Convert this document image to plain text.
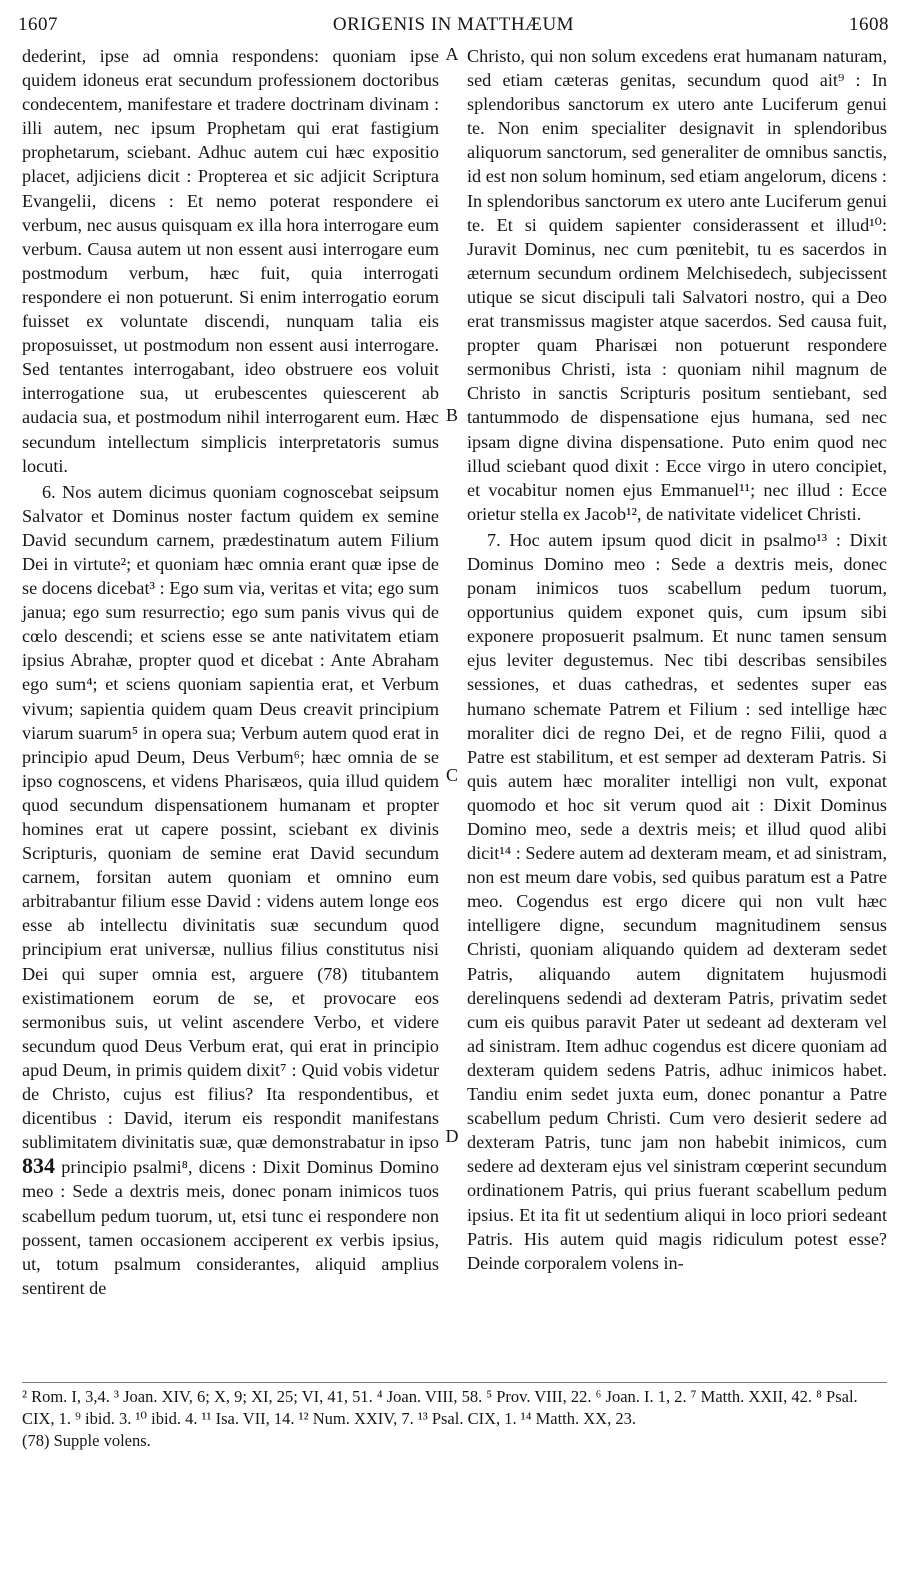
1607	ORIGENIS IN MATTHÆUM	1608

dederint, ipse ad omnia respondens: quoniam ipse quidem idoneus erat secundum professionem doctoribus condecentem, manifestare et tradere doctrinam divinam : illi autem, nec ipsum Prophetam qui erat fastigium prophetarum, sciebant. Adhuc autem cui hæc expositio placet, adjiciens dicit : Propterea et sic adjicit Scriptura Evangelii, dicens : Et nemo poterat respondere ei verbum, nec ausus quisquam ex illa hora interrogare eum verbum. Causa autem ut non essent ausi interrogare eum postmodum verbum, hæc fuit, quia interrogati respondere ei non potuerunt. Si enim interrogatio eorum fuisset ex voluntate discendi, nunquam talia eis proposuisset, ut postmodum non essent ausi interrogare. Sed tentantes interrogabant, ideo obstruere eos voluit interrogatione sua, ut erubescentes quiescerent ab audacia sua, et postmodum nihil interrogarent eum. Hæc secundum intellectum simplicis interpretatoris sumus locuti.

6. Nos autem dicimus quoniam cognoscebat seipsum Salvator et Dominus noster factum quidem ex semine David secundum carnem, prædestinatum autem Filium Dei in virtute²; et quoniam hæc omnia erant quæ ipse de se docens dicebat³ : Ego sum via, veritas et vita; ego sum janua; ego sum resurrectio; ego sum panis vivus qui de cœlo descendi; et sciens esse se ante nativitatem etiam ipsius Abrahæ, propter quod et dicebat : Ante Abraham ego sum⁴; et sciens quoniam sapientia erat, et Verbum vivum; sapientia quidem quam Deus creavit principium viarum suarum⁵ in opera sua; Verbum autem quod erat in principio apud Deum, Deus Verbum⁶; hæc omnia de se ipso cognoscens, et videns Pharisæos, quia illud quidem quod secundum dispensationem humanam et propter homines erat ut capere possint, sciebant ex divinis Scripturis, quoniam de semine erat David secundum carnem, forsitan autem quoniam et omnino eum arbitrabantur filium esse David : videns autem longe eos esse ab intellectu divinitatis suæ secundum quod principium erat universæ, nullius filius constitutus nisi Dei qui super omnia est, arguere (78) titubantem existimationem eorum de se, et provocare eos sermonibus suis, ut velint ascendere Verbo, et videre secundum quod Deus Verbum erat, qui erat in principio apud Deum, in primis quidem dixit⁷ : Quid vobis videtur de Christo, cujus est filius? Ita respondentibus, et dicentibus : David, iterum eis respondit manifestans sublimitatem divinitatis suæ, quæ demonstrabatur in ipso 834 principio psalmi⁸, dicens : Dixit Dominus Domino meo : Sede a dextris meis, donec ponam inimicos tuos scabellum pedum tuorum, ut, etsi tunc ei respondere non possent, tamen occasionem acciperent ex verbis ipsius, ut, totum psalmum considerantes, aliquid amplius sentirent de

A
B
C
D

Christo, qui non solum excedens erat humanam naturam, sed etiam cæteras genitas, secundum quod ait⁹ : In splendoribus sanctorum ex utero ante Luciferum genui te. Non enim specialiter designavit in splendoribus aliquorum sanctorum, sed generaliter de omnibus sanctis, id est non solum hominum, sed etiam angelorum, dicens : In splendoribus sanctorum ex utero ante Luciferum genui te. Et si quidem sapienter considerassent et illud¹⁰: Juravit Dominus, nec cum pœnitebit, tu es sacerdos in æternum secundum ordinem Melchisedech, subjecissent utique se sicut discipuli tali Salvatori nostro, qui a Deo erat transmissus magister atque sacerdos. Sed causa fuit, propter quam Pharisæi non potuerunt respondere sermonibus Christi, ista : quoniam nihil magnum de Christo in sanctis Scripturis positum sentiebant, sed tantummodo de dispensatione ejus humana, sed nec ipsam digne divina dispensatione. Puto enim quod nec illud sciebant quod dixit : Ecce virgo in utero concipiet, et vocabitur nomen ejus Emmanuel¹¹; nec illud : Ecce orietur stella ex Jacob¹², de nativitate videlicet Christi.

7. Hoc autem ipsum quod dicit in psalmo¹³ : Dixit Dominus Domino meo : Sede a dextris meis, donec ponam inimicos tuos scabellum pedum tuorum, opportunius quidem exponet quis, cum ipsum sibi exponere proposuerit psalmum. Et nunc tamen sensum ejus leviter degustemus. Nec tibi describas sensibiles sessiones, et duas cathedras, et sedentes super eas humano schemate Patrem et Filium : sed intellige hæc moraliter dici de regno Dei, et de regno Filii, quod a Patre est stabilitum, et est semper ad dexteram Patris. Si quis autem hæc moraliter intelligi non vult, exponat quomodo et hoc sit verum quod ait : Dixit Dominus Domino meo, sede a dextris meis; et illud quod alibi dicit¹⁴ : Sedere autem ad dexteram meam, et ad sinistram, non est meum dare vobis, sed quibus paratum est a Patre meo. Cogendus est ergo dicere qui non vult hæc intelligere digne, secundum magnitudinem sensus Christi, quoniam aliquando quidem ad dexteram sedet Patris, aliquando autem dignitatem hujusmodi derelinquens sedendi ad dexteram Patris, privatim sedet cum eis quibus paravit Pater ut sedeant ad dexteram vel ad sinistram. Item adhuc cogendus est dicere quoniam ad dexteram quidem sedens Patris, adhuc inimicos habet. Tandiu enim sedet juxta eum, donec ponantur a Patre scabellum pedum Christi. Cum vero desierit sedere ad dexteram Patris, tunc jam non habebit inimicos, cum sedere ad dexteram ejus vel sinistram cœperint secundum ordinationem Patris, qui prius fuerant scabellum pedum ipsius. Et ita fit ut sedentium aliqui in loco priori sedeant Patris. His autem quid magis ridiculum potest esse? Deinde corporalem volens in-

² Rom. I, 3,4. ³ Joan. XIV, 6; X, 9; XI, 25; VI, 41, 51. ⁴ Joan. VIII, 58. ⁵ Prov. VIII, 22. ⁶ Joan. I. 1, 2. ⁷ Matth. XXII, 42. ⁸ Psal. CIX, 1. ⁹ ibid. 3. ¹⁰ ibid. 4. ¹¹ Isa. VII, 14. ¹² Num. XXIV, 7. ¹³ Psal. CIX, 1. ¹⁴ Matth. XX, 23.

(78) Supple volens.
